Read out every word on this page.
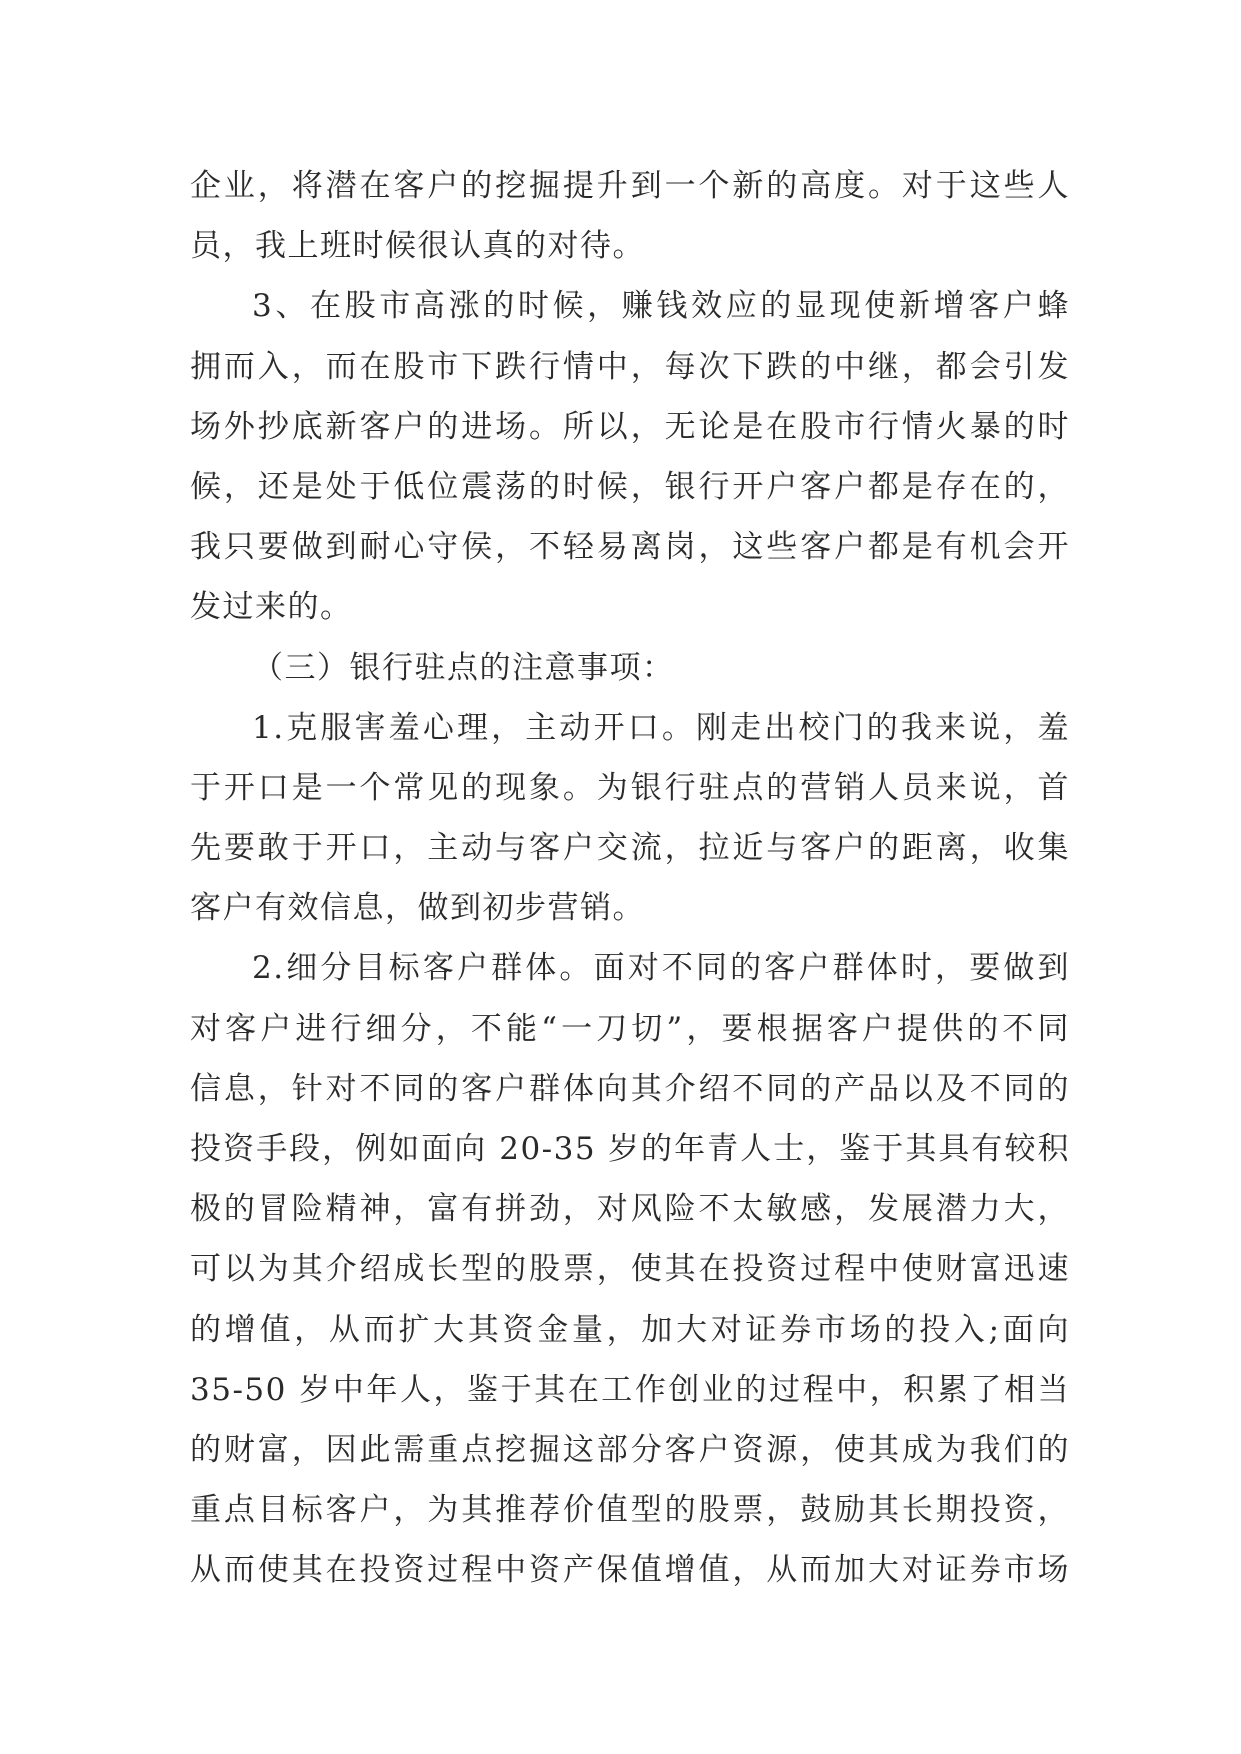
企业，将潜在客户的挖掘提升到一个新的高度。对于这些人
员，我上班时候很认真的对待。
3、在股市高涨的时候，赚钱效应的显现使新增客户蜂
拥而入，而在股市下跌行情中，每次下跌的中继，都会引发
场外抄底新客户的进场。所以，无论是在股市行情火暴的时
候，还是处于低位震荡的时候，银行开户客户都是存在的，
我只要做到耐心守侯，不轻易离岗，这些客户都是有机会开
发过来的。
（三）银行驻点的注意事项：
1.克服害羞心理，主动开口。刚走出校门的我来说，羞
于开口是一个常见的现象。为银行驻点的营销人员来说，首
先要敢于开口，主动与客户交流，拉近与客户的距离，收集
客户有效信息，做到初步营销。
2.细分目标客户群体。面对不同的客户群体时，要做到
对客户进行细分，不能“一刀切”，要根据客户提供的不同
信息，针对不同的客户群体向其介绍不同的产品以及不同的
投资手段，例如面向 20-35 岁的年青人士，鉴于其具有较积
极的冒险精神，富有拼劲，对风险不太敏感，发展潜力大，
可以为其介绍成长型的股票，使其在投资过程中使财富迅速
的增值，从而扩大其资金量，加大对证券市场的投入;面向
35-50 岁中年人，鉴于其在工作创业的过程中，积累了相当
的财富，因此需重点挖掘这部分客户资源，使其成为我们的
重点目标客户，为其推荐价值型的股票，鼓励其长期投资，
从而使其在投资过程中资产保值增值，从而加大对证券市场
